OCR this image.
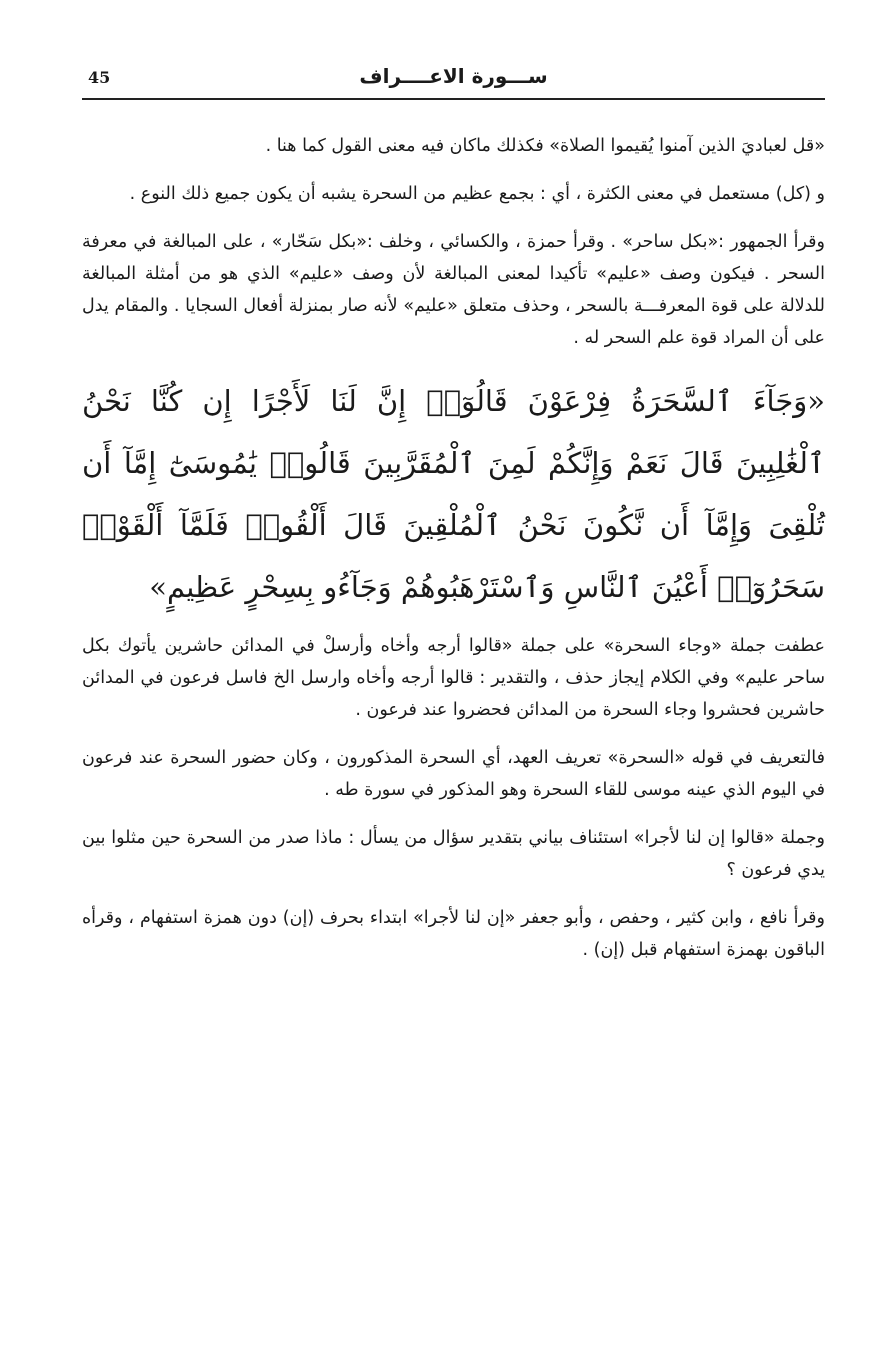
45	ســـورة الاعــــراف

«قل لعباديَ الذين آمنوا يُقيموا الصلاة» فكذلك ماكان فيه معنى القول كما هنا .

و (كل) مستعمل في معنى الكثرة ، أي : بجمع عظيم من السحرة يشبه أن يكون جميع ذلك النوع .

وقرأ الجمهور :«بكل ساحر» . وقرأ حمزة ، والكسائي ، وخلف :«بكل سَحّار» ، على المبالغة في معرفة السحر . فيكون وصف «عليم» تأكيدا لمعنى المبالغة لأن وصف «عليم» الذي هو من أمثلة المبالغة للدلالة على قوة المعرفـــة بالسحر ، وحذف متعلق «عليم» لأنه صار بمنزلة أفعال السجايا . والمقام يدل على أن المراد قوة علم السحر له .

«وَجَآءَ ٱلسَّحَرَةُ فِرْعَوْنَ قَالُوٓا۟ إِنَّ لَنَا لَأَجْرًا إِن كُنَّا نَحْنُ ٱلْغَٰلِبِينَ قَالَ نَعَمْ وَإِنَّكُمْ لَمِنَ ٱلْمُقَرَّبِينَ قَالُوا۟ يَٰمُوسَىٰٓ إِمَّآ أَن تُلْقِىَ وَإِمَّآ أَن نَّكُونَ نَحْنُ ٱلْمُلْقِينَ قَالَ أَلْقُوا۟ فَلَمَّآ أَلْقَوْا۟ سَحَرُوٓا۟ أَعْيُنَ ٱلنَّاسِ وَٱسْتَرْهَبُوهُمْ وَجَآءُو بِسِحْرٍ عَظِيمٍ»

عطفت جملة «وجاء السحرة» على جملة «قالوا أرجه وأخاه وأرسلْ في المدائن حاشرين يأتوك بكل ساحر عليم» وفي الكلام إيجاز حذف ، والتقدير : قالوا أرجه وأخاه وارسل الخ فاسل فرعون في المدائن حاشرين فحشروا وجاء السحرة من المدائن فحضروا عند فرعون .

فالتعريف في قوله «السحرة» تعريف العهد، أي السحرة المذكورون ، وكان حضور السحرة عند فرعون في اليوم الذي عينه موسى للقاء السحرة وهو المذكور في سورة طه .

وجملة «قالوا إن لنا لأجرا» استئناف بياني بتقدير سؤال من يسأل : ماذا صدر من السحرة حين مثلوا بين يدي فرعون ؟

وقرأ نافع ، وابن كثير ، وحفص ، وأبو جعفر «إن لنا لأجرا» ابتداء بحرف (إن) دون همزة استفهام ، وقرأه الباقون بهمزة استفهام قبل (إن) .
